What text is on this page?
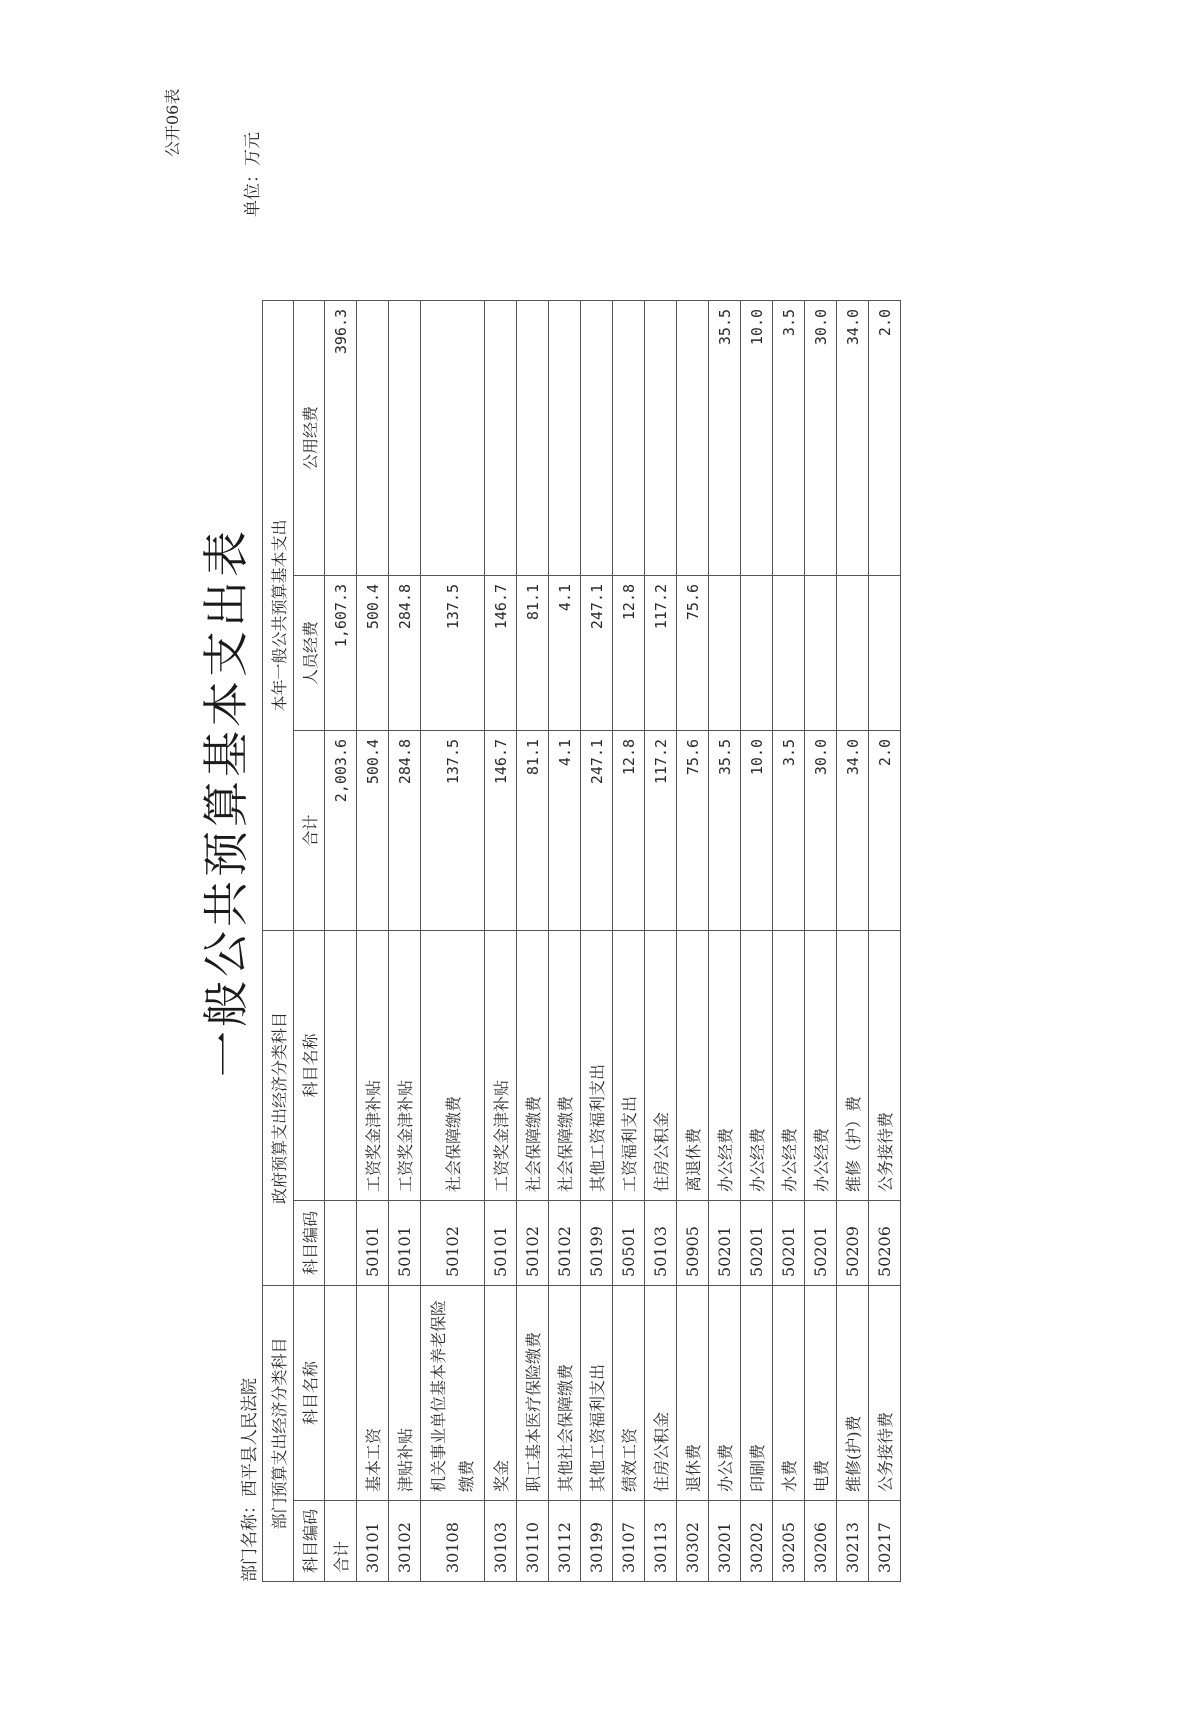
一般公共预算基本支出表
部门名称：西平县人民法院
公开06表
单位：万元
部门预算支出经济分类科目		政府预算支出经济分类科目		本年一般公共预算基本支出		
科目编码	科目名称	科目编码	科目名称	合计	人员经费	公用经费
合计				2,003.6	1,607.3	396.3
30101	基本工资	50101	工资奖金津补贴	500.4	500.4	
30102	津贴补贴	50101	工资奖金津补贴	284.8	284.8	
30108	机关事业单位基本养老保险缴费	50102	社会保障缴费	137.5	137.5	
30103	奖金	50101	工资奖金津补贴	146.7	146.7	
30110	职工基本医疗保险缴费	50102	社会保障缴费	81.1	81.1	
30112	其他社会保障缴费	50102	社会保障缴费	4.1	4.1	
30199	其他工资福利支出	50199	其他工资福利支出	247.1	247.1	
30107	绩效工资	50501	工资福利支出	12.8	12.8	
30113	住房公积金	50103	住房公积金	117.2	117.2	
30302	退休费	50905	离退休费	75.6	75.6	
30201	办公费	50201	办公经费	35.5		35.5
30202	印刷费	50201	办公经费	10.0		10.0
30205	水费	50201	办公经费	3.5		3.5
30206	电费	50201	办公经费	30.0		30.0
30213	维修(护)费	50209	维修（护）费	34.0		34.0
30217	公务接待费	50206	公务接待费	2.0		2.0
